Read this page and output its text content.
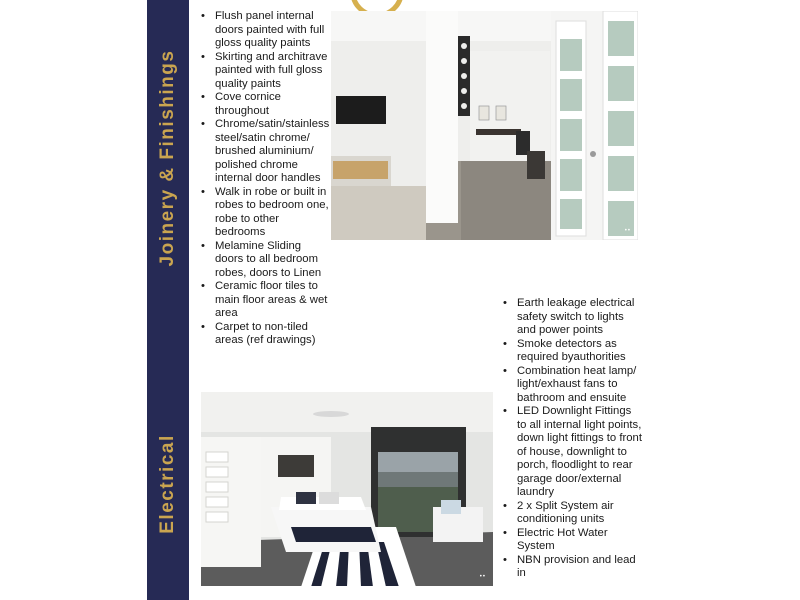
Joinery & Finishings
Electrical
• Flush panel internal doors painted with full gloss quality paints
• Skirting and architrave painted with full gloss quality paints
• Cove cornice throughout
• Chrome/satin/stainless steel/satin chrome/ brushed aluminium/ polished chrome internal door handles
• Walk in robe or built in robes to bedroom one, robe to other bedrooms
• Melamine Sliding doors to all bedroom robes, doors to Linen
• Ceramic floor tiles to main floor areas & wet area
• Carpet to non-tiled areas (ref drawings)
• Earth leakage electrical safety switch to lights and power points
• Smoke detectors as required byauthorities
• Combination heat lamp/ light/exhaust fans to bathroom and ensuite
• LED Downlight Fittings to all internal light points, down light fittings to front of house, downlight to porch, floodlight to rear garage door/external laundry
• 2 x Split System air conditioning units
• Electric Hot Water System
• NBN provision and lead in
••
••
